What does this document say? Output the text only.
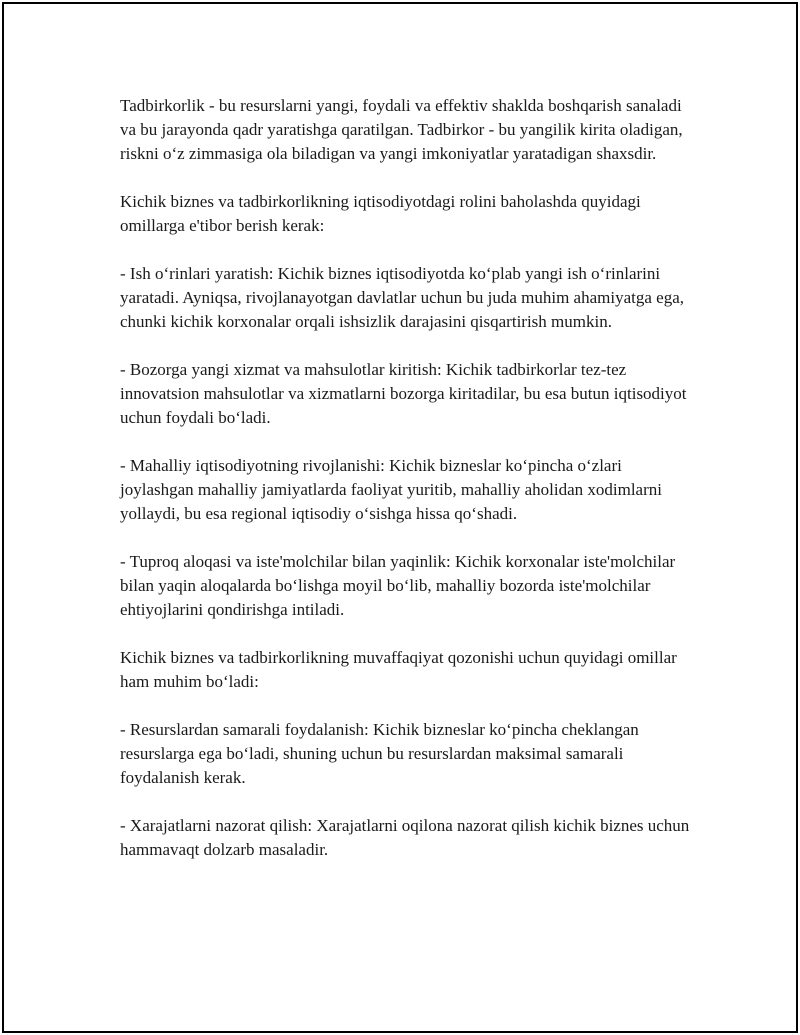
Tadbirkorlik - bu resurslarni yangi, foydali va effektiv shaklda boshqarish sanaladi va bu jarayonda qadr yaratishga qaratilgan. Tadbirkor - bu yangilik kirita oladigan, riskni o‘z zimmasiga ola biladigan va yangi imkoniyatlar yaratadigan shaxsdir.

Kichik biznes va tadbirkorlikning iqtisodiyotdagi rolini baholashda quyidagi omillarga e'tibor berish kerak:

- Ish o‘rinlari yaratish: Kichik biznes iqtisodiyotda ko‘plab yangi ish o‘rinlarini yaratadi. Ayniqsa, rivojlanayotgan davlatlar uchun bu juda muhim ahamiyatga ega, chunki kichik korxonalar orqali ishsizlik darajasini qisqartirish mumkin.

- Bozorga yangi xizmat va mahsulotlar kiritish: Kichik tadbirkorlar tez-tez innovatsion mahsulotlar va xizmatlarni bozorga kiritadilar, bu esa butun iqtisodiyot uchun foydali bo‘ladi.

- Mahalliy iqtisodiyotning rivojlanishi: Kichik bizneslar ko‘pincha o‘zlari joylashgan mahalliy jamiyatlarda faoliyat yuritib, mahalliy aholidan xodimlarni yollaydi, bu esa regional iqtisodiy o‘sishga hissa qo‘shadi.

- Tuproq aloqasi va iste'molchilar bilan yaqinlik: Kichik korxonalar iste'molchilar bilan yaqin aloqalarda bo‘lishga moyil bo‘lib, mahalliy bozorda iste'molchilar ehtiyojlarini qondirishga intiladi.

Kichik biznes va tadbirkorlikning muvaffaqiyat qozonishi uchun quyidagi omillar ham muhim bo‘ladi:

- Resurslardan samarali foydalanish: Kichik bizneslar ko‘pincha cheklangan resurslarga ega bo‘ladi, shuning uchun bu resurslardan maksimal samarali foydalanish kerak.

- Xarajatlarni nazorat qilish: Xarajatlarni oqilona nazorat qilish kichik biznes uchun hammavaqt dolzarb masaladir.
